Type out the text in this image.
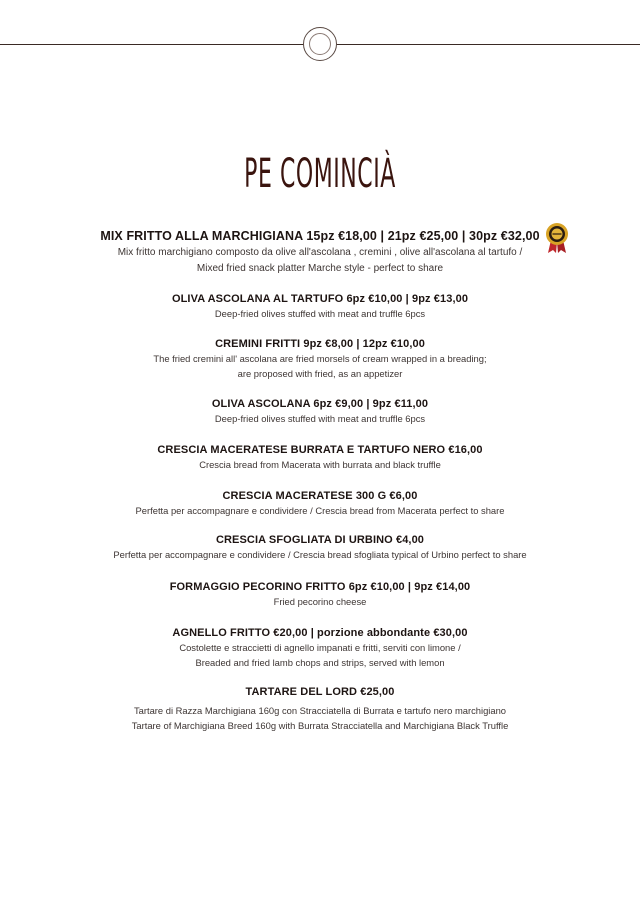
PE COMINCIÀ
MIX FRITTO ALLA MARCHIGIANA 15pz €18,00 | 21pz €25,00 | 30pz €32,00

Mix fritto marchigiano composto da olive all'ascolana , cremini , olive all'ascolana al tartufo /

Mixed fried snack platter Marche style - perfect to share

OLIVA ASCOLANA AL TARTUFO 6pz €10,00 | 9pz €13,00

Deep-fried olives stuffed with meat and truffle 6pcs

CREMINI FRITTI 9pz €8,00 | 12pz €10,00

The fried cremini all' ascolana are fried morsels of cream wrapped in a breading;

are proposed with fried, as an appetizer

OLIVA ASCOLANA 6pz €9,00 | 9pz €11,00

Deep-fried olives stuffed with meat and truffle 6pcs

CRESCIA MACERATESE BURRATA E TARTUFO NERO €16,00

Crescia bread from Macerata with burrata and black truffle

CRESCIA MACERATESE 300 G €6,00

Perfetta per accompagnare e condividere / Crescia bread from Macerata perfect to share

CRESCIA SFOGLIATA DI URBINO €4,00

Perfetta per accompagnare e condividere / Crescia bread sfogliata typical of Urbino perfect to share

FORMAGGIO PECORINO FRITTO 6pz €10,00 | 9pz €14,00

Fried pecorino cheese

AGNELLO FRITTO €20,00 | porzione abbondante €30,00

Costolette e straccietti di agnello impanati e fritti, serviti con limone /

Breaded and fried lamb chops and strips, served with lemon

TARTARE DEL LORD €25,00

Tartare di Razza Marchigiana 160g con Stracciatella di Burrata e tartufo nero marchigiano

Tartare of Marchigiana Breed 160g with Burrata Stracciatella and Marchigiana Black Truffle
